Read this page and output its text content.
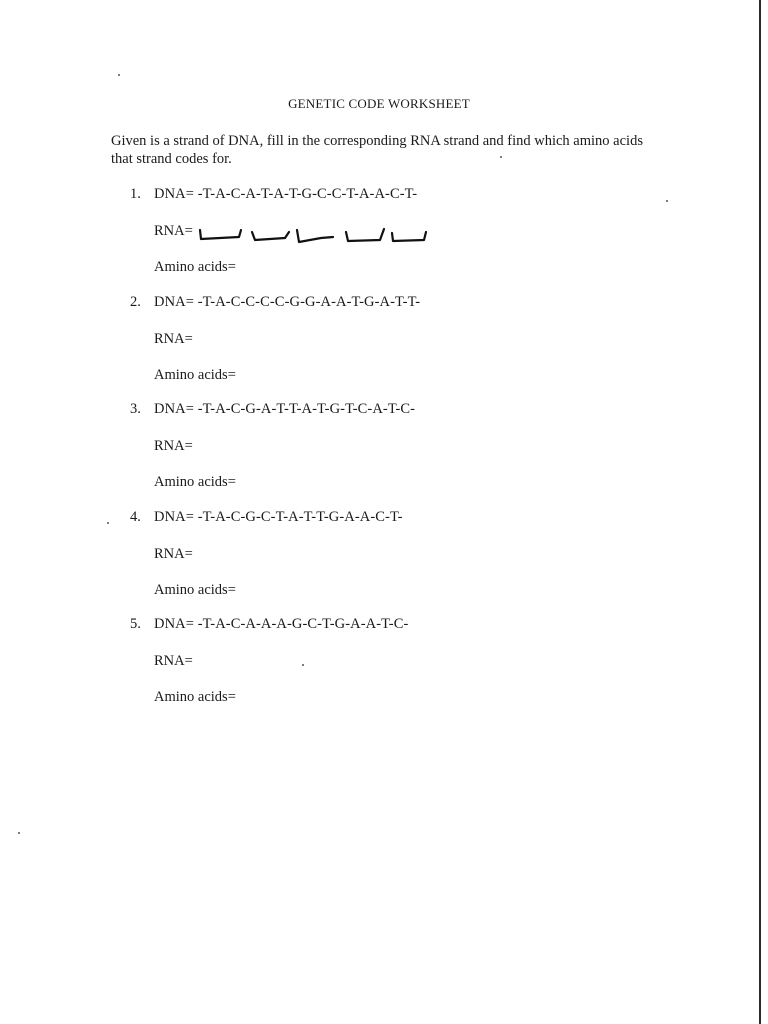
GENETIC CODE WORKSHEET
Given is a strand of DNA, fill in the corresponding RNA strand and find which amino acids that strand codes for.
1. DNA= -T-A-C-A-T-A-T-G-C-C-T-A-A-C-T-
RNA=
Amino acids=
2. DNA= -T-A-C-C-C-C-G-G-A-A-T-G-A-T-T-
RNA=
Amino acids=
3. DNA= -T-A-C-G-A-T-T-A-T-G-T-C-A-T-C-
RNA=
Amino acids=
4. DNA= -T-A-C-G-C-T-A-T-T-G-A-A-C-T-
RNA=
Amino acids=
5. DNA= -T-A-C-A-A-A-G-C-T-G-A-A-T-C-
RNA=
Amino acids=
